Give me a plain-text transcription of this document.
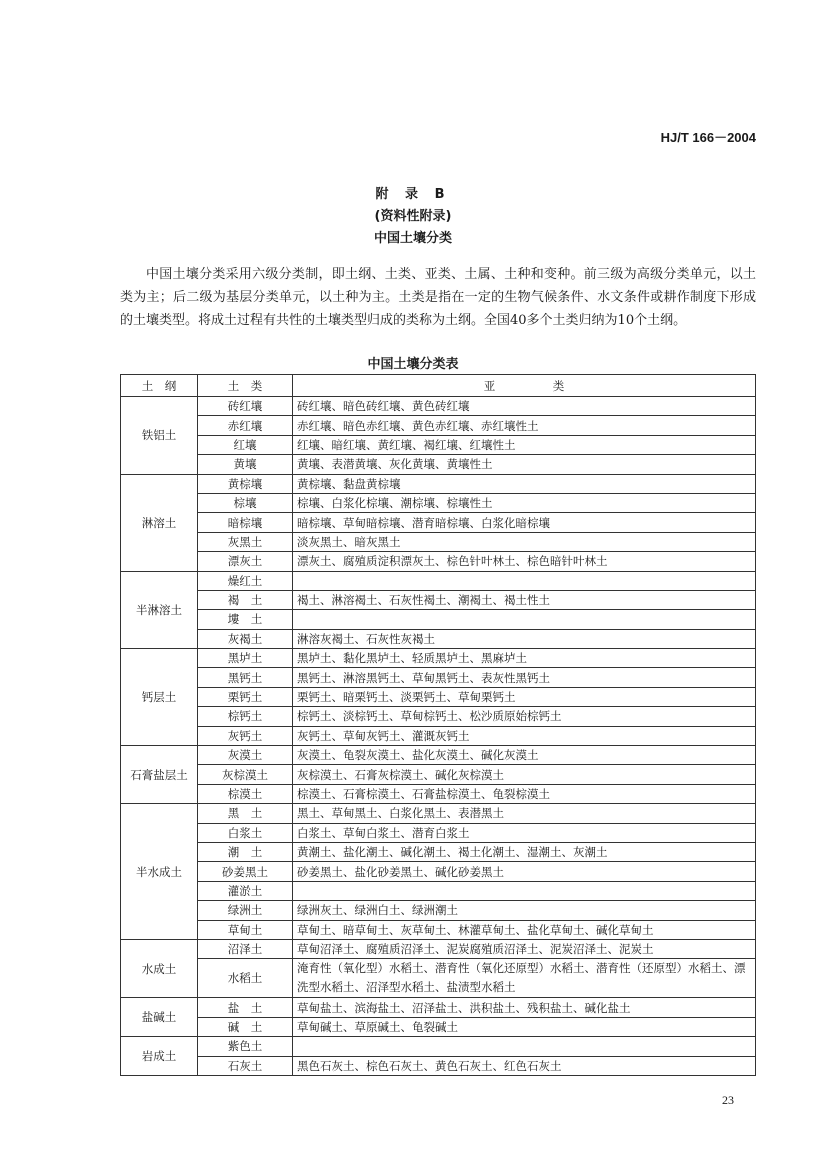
HJ/T 166－2004
附 录 B
(资料性附录)
中国土壤分类

中国土壤分类采用六级分类制，即土纲、土类、亚类、土属、土种和变种。前三级为高级分类单元，以土类为主；后二级为基层分类单元，以土种为主。土类是指在一定的生物气候条件、水文条件或耕作制度下形成的土壤类型。将成土过程有共性的土壤类型归成的类称为土纲。全国40多个土类归纳为10个土纲。

中国土壤分类表
土　纲	土　类	亚　　　　　类
铁铝土	砖红壤	砖红壤、暗色砖红壤、黄色砖红壤
	赤红壤	赤红壤、暗色赤红壤、黄色赤红壤、赤红壤性土
	红壤	红壤、暗红壤、黄红壤、褐红壤、红壤性土
	黄壤	黄壤、表潜黄壤、灰化黄壤、黄壤性土
淋溶土	黄棕壤	黄棕壤、黏盘黄棕壤
	棕壤	棕壤、白浆化棕壤、潮棕壤、棕壤性土
	暗棕壤	暗棕壤、草甸暗棕壤、潜育暗棕壤、白浆化暗棕壤
	灰黑土	淡灰黑土、暗灰黑土
	漂灰土	漂灰土、腐殖质淀积漂灰土、棕色针叶林土、棕色暗针叶林土
半淋溶土	燥红土	
	褐　土	褐土、淋溶褐土、石灰性褐土、潮褐土、褐土性土
	塿　土	
	灰褐土	淋溶灰褐土、石灰性灰褐土
钙层土	黑垆土	黑垆土、黏化黑垆土、轻质黑垆土、黑麻垆土
	黑钙土	黑钙土、淋溶黑钙土、草甸黑钙土、表灰性黑钙土
	栗钙土	栗钙土、暗栗钙土、淡栗钙土、草甸栗钙土
	棕钙土	棕钙土、淡棕钙土、草甸棕钙土、松沙质原始棕钙土
	灰钙土	灰钙土、草甸灰钙土、灌溉灰钙土
石膏盐层土	灰漠土	灰漠土、龟裂灰漠土、盐化灰漠土、碱化灰漠土
	灰棕漠土	灰棕漠土、石膏灰棕漠土、碱化灰棕漠土
	棕漠土	棕漠土、石膏棕漠土、石膏盐棕漠土、龟裂棕漠土
半水成土	黑　土	黑土、草甸黑土、白浆化黑土、表潜黑土
	白浆土	白浆土、草甸白浆土、潜育白浆土
	潮　土	黄潮土、盐化潮土、碱化潮土、褐土化潮土、湿潮土、灰潮土
	砂姜黑土	砂姜黑土、盐化砂姜黑土、碱化砂姜黑土
	灌淤土	
	绿洲土	绿洲灰土、绿洲白土、绿洲潮土
	草甸土	草甸土、暗草甸土、灰草甸土、林灌草甸土、盐化草甸土、碱化草甸土
水成土	沼泽土	草甸沼泽土、腐殖质沼泽土、泥炭腐殖质沼泽土、泥炭沼泽土、泥炭土
	水稻土	淹育性（氧化型）水稻土、潜育性（氧化还原型）水稻土、潜育性（还原型）水稻土、漂洗型水稻土、沼泽型水稻土、盐渍型水稻土
盐碱土	盐　土	草甸盐土、滨海盐土、沼泽盐土、洪积盐土、残积盐土、碱化盐土
	碱　土	草甸碱土、草原碱土、龟裂碱土
岩成土	紫色土	
	石灰土	黑色石灰土、棕色石灰土、黄色石灰土、红色石灰土
23
